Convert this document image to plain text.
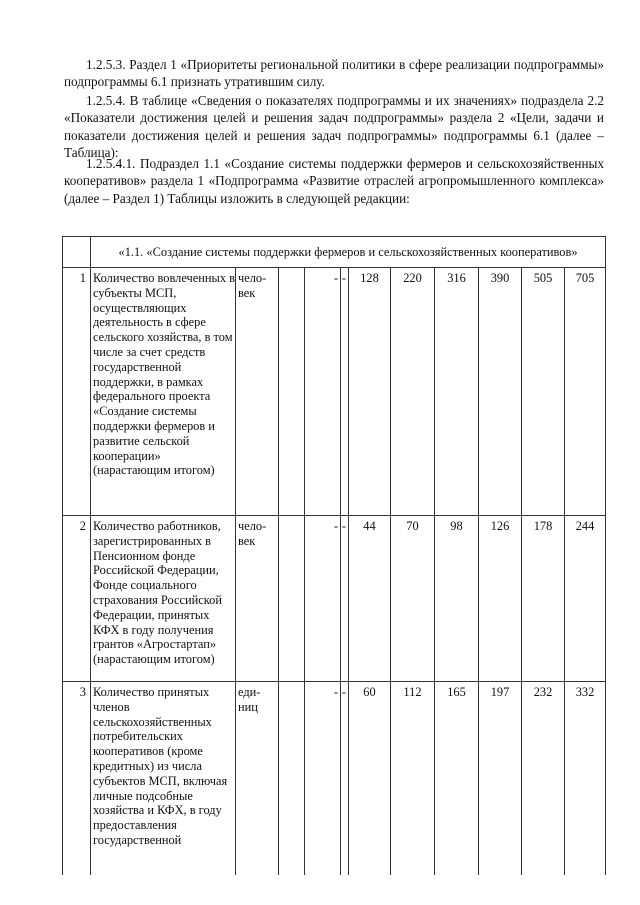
1.2.5.3. Раздел 1 «Приоритеты региональной политики в сфере реализации подпрограммы» подпрограммы 6.1 признать утратившим силу.
1.2.5.4. В таблице «Сведения о показателях подпрограммы и их значениях» подраздела 2.2 «Показатели достижения целей и решения задач подпрограммы» раздела 2 «Цели, задачи и показатели достижения целей и решения задач подпрограммы» подпрограммы 6.1 (далее – Таблица):
1.2.5.4.1. Подраздел 1.1 «Создание системы поддержки фермеров и сельскохозяйственных кооперативов» раздела 1 «Подпрограмма «Развитие отраслей агропромышленного комплекса» (далее – Раздел 1) Таблицы изложить в следующей редакции:
	«1.1. «Создание системы поддержки фермеров и сельскохозяйственных кооперативов»										
1	Количество вовлеченных в субъекты МСП, осуществляющих деятельность в сфере сельского хозяйства, в том числе за счет средств государственной поддержки, в рамках федерального проекта «Создание системы поддержки фермеров и развитие сельской кооперации» (нарастающим итогом)	чело-век		-	-	128	220	316	390	505	705
2	Количество работников, зарегистрированных в Пенсионном фонде Российской Федерации, Фонде социального страхования Российской Федерации, принятых КФХ в году получения грантов «Агростартап» (нарастающим итогом)	чело-век		-	-	44	70	98	126	178	244
3	Количество принятых членов сельскохозяйственных потребительских кооперативов (кроме кредитных) из числа субъектов МСП, включая личные подсобные хозяйства и КФХ, в году предоставления государственной	еди-ниц		-	-	60	112	165	197	232	332
